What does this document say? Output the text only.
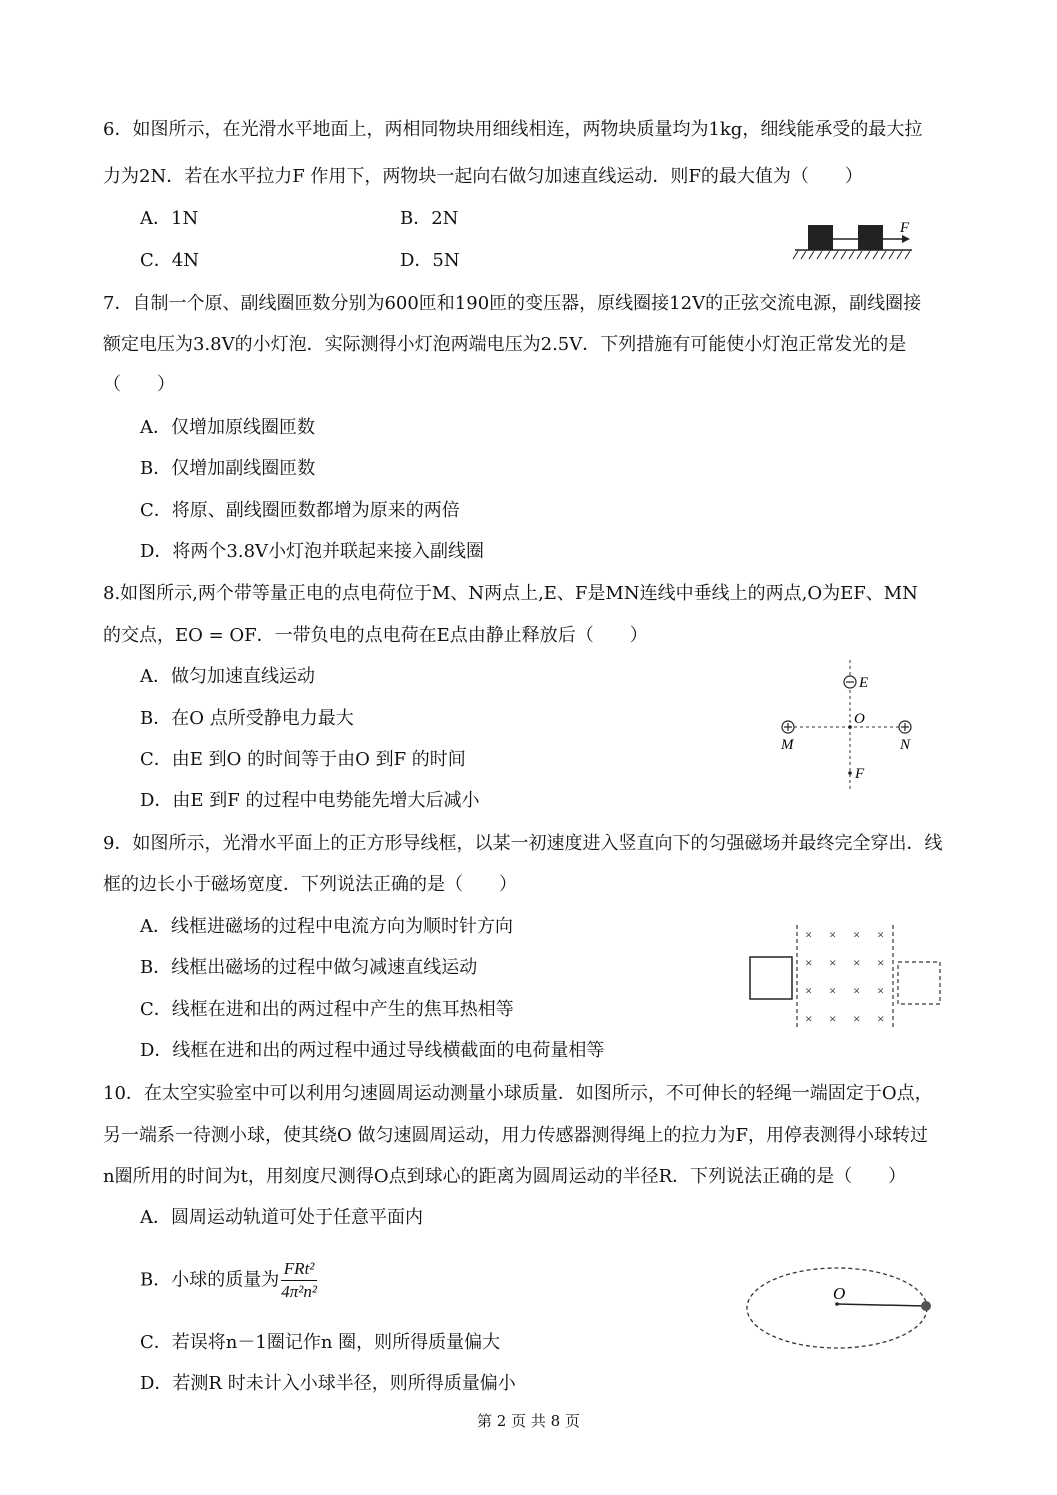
6．如图所示，在光滑水平地面上，两相同物块用细线相连，两物块质量均为1kg，细线能承受的最大拉
力为2N．若在水平拉力F 作用下，两物块一起向右做匀加速直线运动．则F的最大值为（　　）
A．1N	B．2N
C．4N	D．5N
F
7．自制一个原、副线圈匝数分别为600匝和190匝的变压器，原线圈接12V的正弦交流电源，副线圈接
额定电压为3.8V的小灯泡．实际测得小灯泡两端电压为2.5V．下列措施有可能使小灯泡正常发光的是
（　　）
A．仅增加原线圈匝数
B．仅增加副线圈匝数
C．将原、副线圈匝数都增为原来的两倍
D．将两个3.8V小灯泡并联起来接入副线圈
8.如图所示,两个带等量正电的点电荷位于M、N两点上,E、F是MN连线中垂线上的两点,O为EF、MN
的交点，EO = OF．一带负电的点电荷在E点由静止释放后（　　）
A．做匀加速直线运动
B．在O 点所受静电力最大
C．由E 到O 的时间等于由O 到F 的时间
D．由E 到F 的过程中电势能先增大后减小
E
O
M	N
F
9．如图所示，光滑水平面上的正方形导线框，以某一初速度进入竖直向下的匀强磁场并最终完全穿出．线
框的边长小于磁场宽度．下列说法正确的是（　　）
A．线框进磁场的过程中电流方向为顺时针方向
B．线框出磁场的过程中做匀减速直线运动
C．线框在进和出的两过程中产生的焦耳热相等
D．线框在进和出的两过程中通过导线横截面的电荷量相等
× × × ×
× × × ×
× × × ×
× × × ×
10．在太空实验室中可以利用匀速圆周运动测量小球质量．如图所示，不可伸长的轻绳一端固定于O点，
另一端系一待测小球，使其绕O 做匀速圆周运动，用力传感器测得绳上的拉力为F，用停表测得小球转过
n圈所用的时间为t，用刻度尺测得O点到球心的距离为圆周运动的半径R．下列说法正确的是（　　）
A．圆周运动轨道可处于任意平面内
B．小球的质量为 $\frac{\text{FRt²}}{\text{4π²n²}}$
C．若误将n－1圈记作n 圈，则所得质量偏大
D．若测R 时未计入小球半径，则所得质量偏小
O
第 2 页 共 8 页
